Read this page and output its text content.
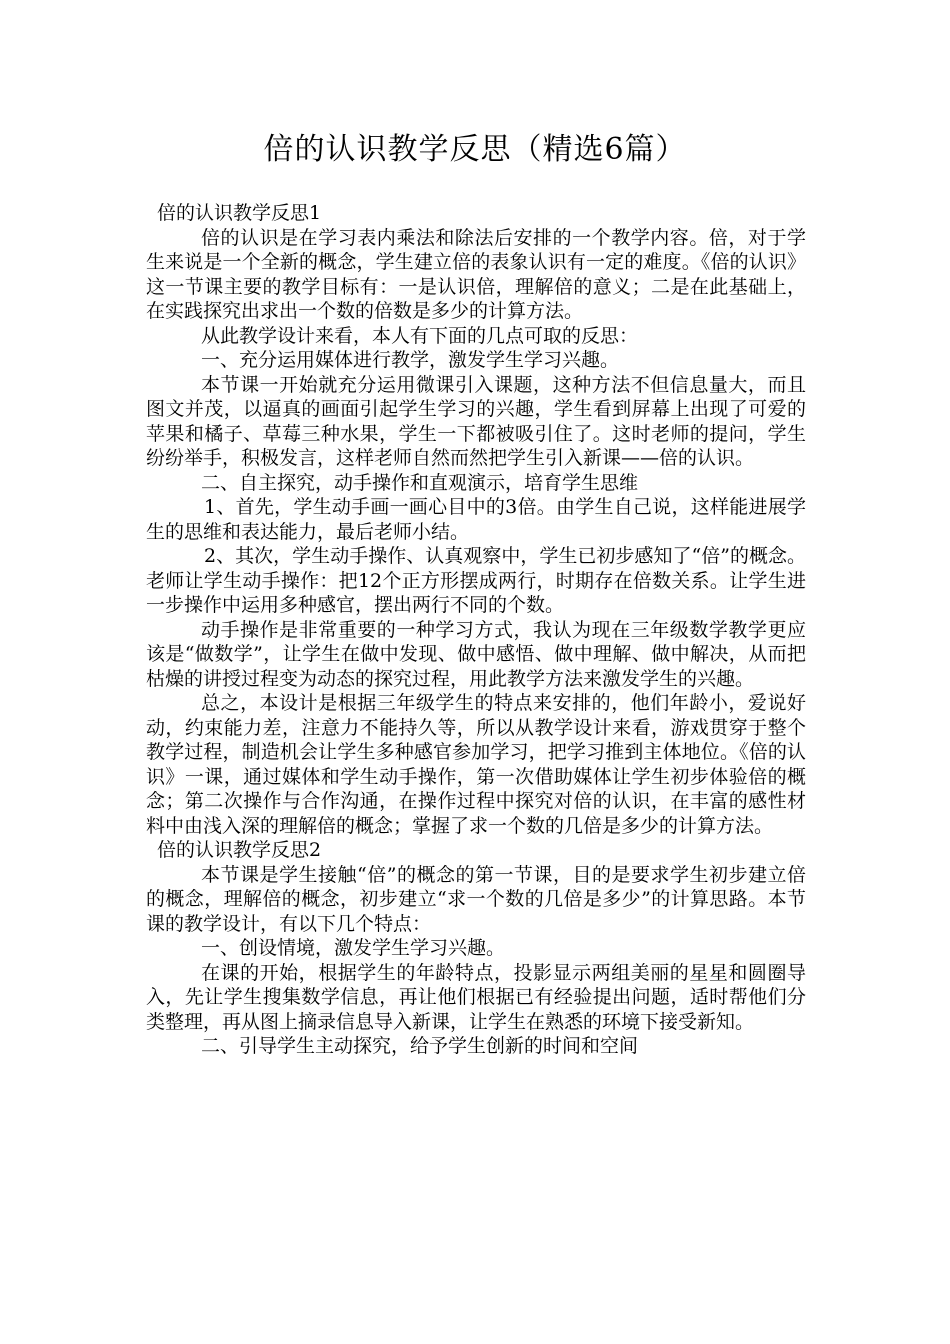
倍的认识教学反思（精选6篇）

倍的认识教学反思1

倍的认识是在学习表内乘法和除法后安排的一个教学内容。倍，对于学生来说是一个全新的概念，学生建立倍的表象认识有一定的难度。《倍的认识》这一节课主要的教学目标有：一是认识倍，理解倍的意义；二是在此基础上，在实践探究出求出一个数的倍数是多少的计算方法。

从此教学设计来看，本人有下面的几点可取的反思：

一、充分运用媒体进行教学，激发学生学习兴趣。

本节课一开始就充分运用微课引入课题，这种方法不但信息量大，而且图文并茂，以逼真的画面引起学生学习的兴趣，学生看到屏幕上出现了可爱的苹果和橘子、草莓三种水果，学生一下都被吸引住了。这时老师的提问，学生纷纷举手，积极发言，这样老师自然而然把学生引入新课——倍的认识。

二、自主探究，动手操作和直观演示，培育学生思维

1、首先，学生动手画一画心目中的3倍。由学生自己说，这样能进展学生的思维和表达能力，最后老师小结。

2、其次，学生动手操作、认真观察中，学生已初步感知了“倍”的概念。老师让学生动手操作：把12个正方形摆成两行，时期存在倍数关系。让学生进一步操作中运用多种感官，摆出两行不同的个数。

动手操作是非常重要的一种学习方式，我认为现在三年级数学教学更应该是“做数学”，让学生在做中发现、做中感悟、做中理解、做中解决，从而把枯燥的讲授过程变为动态的探究过程，用此教学方法来激发学生的兴趣。

总之，本设计是根据三年级学生的特点来安排的，他们年龄小，爱说好动，约束能力差，注意力不能持久等，所以从教学设计来看，游戏贯穿于整个教学过程，制造机会让学生多种感官参加学习，把学习推到主体地位。《倍的认识》一课，通过媒体和学生动手操作，第一次借助媒体让学生初步体验倍的概念；第二次操作与合作沟通，在操作过程中探究对倍的认识，在丰富的感性材料中由浅入深的理解倍的概念；掌握了求一个数的几倍是多少的计算方法。

倍的认识教学反思2

本节课是学生接触“倍”的概念的第一节课，目的是要求学生初步建立倍的概念，理解倍的概念，初步建立“求一个数的几倍是多少”的计算思路。本节课的教学设计，有以下几个特点：

一、创设情境，激发学生学习兴趣。

在课的开始，根据学生的年龄特点，投影显示两组美丽的星星和圆圈导入，先让学生搜集数学信息，再让他们根据已有经验提出问题，适时帮他们分类整理，再从图上摘录信息导入新课，让学生在熟悉的环境下接受新知。

二、引导学生主动探究，给予学生创新的时间和空间
